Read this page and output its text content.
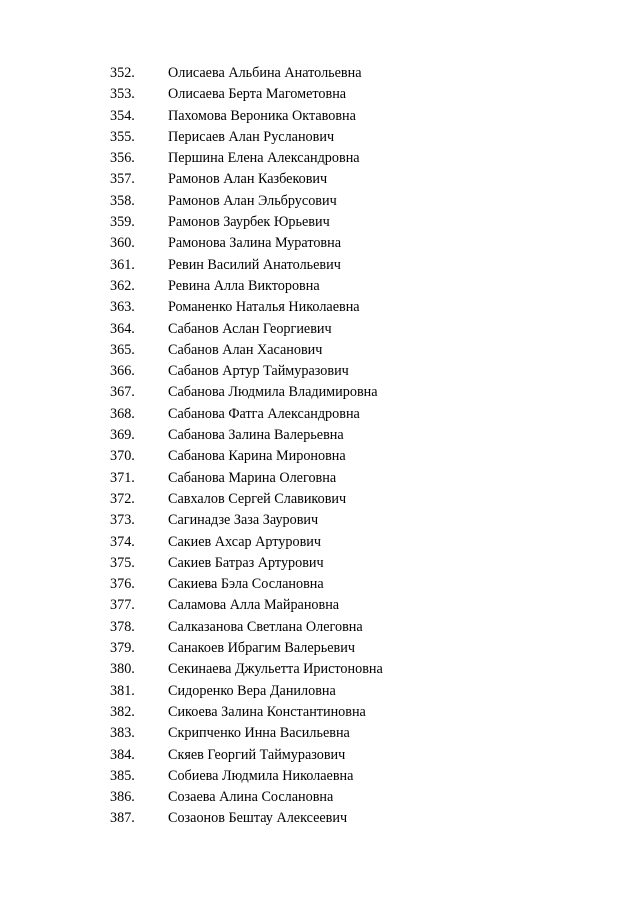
352.	Олисаева Альбина Анатольевна
353.	Олисаева Берта Магометовна
354.	Пахомова Вероника Октавовна
355.	Перисаев Алан Русланович
356.	Першина Елена Александровна
357.	Рамонов Алан Казбекович
358.	Рамонов Алан Эльбрусович
359.	Рамонов Заурбек Юрьевич
360.	Рамонова Залина Муратовна
361.	Ревин Василий Анатольевич
362.	Ревина Алла Викторовна
363.	Романенко Наталья Николаевна
364.	Сабанов Аслан Георгиевич
365.	Сабанов Алан Хасанович
366.	Сабанов Артур Таймуразович
367.	Сабанова Людмила Владимировна
368.	Сабанова Фатга Александровна
369.	Сабанова Залина Валерьевна
370.	Сабанова Карина Мироновна
371.	Сабанова Марина Олеговна
372.	Савхалов Сергей Славикович
373.	Сагинадзе Заза Заурович
374.	Сакиев Ахсар Артурович
375.	Сакиев Батраз Артурович
376.	Сакиева Бэла Сослановна
377.	Саламова Алла Майрановна
378.	Салказанова Светлана Олеговна
379.	Санакоев Ибрагим Валерьевич
380.	Секинаева Джульетта Иристоновна
381.	Сидоренко Вера Даниловна
382.	Сикоева Залина Константиновна
383.	Скрипченко Инна Васильевна
384.	Скяев Георгий Таймуразович
385.	Собиева Людмила Николаевна
386.	Созаева Алина Сослановна
387.	Созаонов Бештау Алексеевич
